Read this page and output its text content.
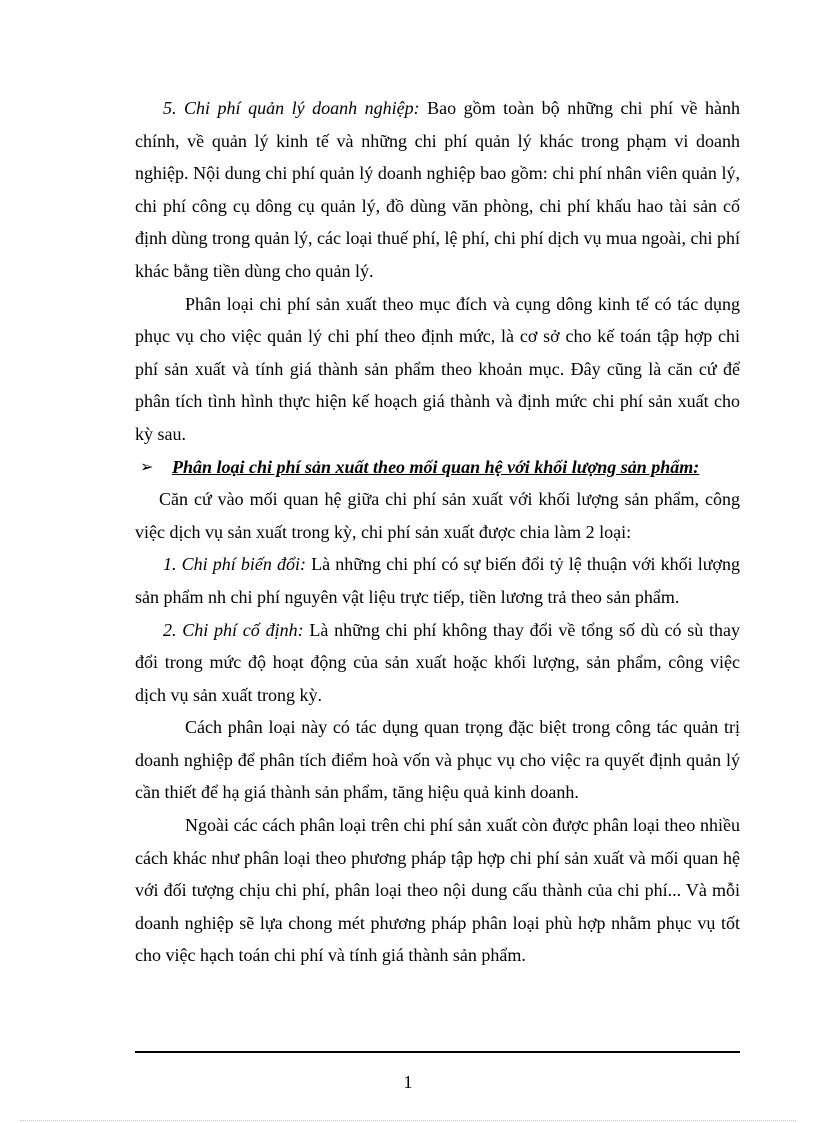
5. Chi phí quản lý doanh nghiệp: Bao gồm toàn bộ những chi phí về hành chính, về quản lý kinh tế và những chi phí quản lý khác trong phạm vi doanh nghiệp. Nội dung chi phí quản lý doanh nghiệp bao gồm: chi phí nhân viên quản lý, chi phí công cụ dông cụ quản lý, đồ dùng văn phòng, chi phí khấu hao tài sản cố định dùng trong quản lý, các loại thuế phí, lệ phí, chi phí dịch vụ mua ngoài, chi phí khác bằng tiền dùng cho quản lý.

Phân loại chi phí sản xuất theo mục đích và cụng dông kinh tế có tác dụng phục vụ cho việc quản lý chi phí theo định mức, là cơ sở cho kế toán tập hợp chi phí sản xuất và tính giá thành sản phẩm theo khoản mục. Đây cũng là căn cứ để phân tích tình hình thực hiện kế hoạch giá thành và định mức chi phí sản xuất cho kỳ sau.

➢ Phân loại chi phí sản xuất theo mối quan hệ với khối lượng sản phẩm:

Căn cứ vào mối quan hệ giữa chi phí sản xuất với khối lượng sản phẩm, công việc dịch vụ sản xuất trong kỳ, chi phí sản xuất được chia làm 2 loại:

1. Chi phí biến đổi: Là những chi phí có sự biến đổi tỷ lệ thuận với khối lượng sản phẩm nh chi phí nguyên vật liệu trực tiếp, tiền lương trả theo sản phẩm.

2. Chi phí cố định: Là những chi phí không thay đổi về tổng số dù có sù thay đổi trong mức độ hoạt động của sản xuất hoặc khối lượng, sản phẩm, công việc dịch vụ sản xuất trong kỳ.

Cách phân loại này có tác dụng quan trọng đặc biệt trong công tác quản trị doanh nghiệp để phân tích điểm hoà vốn và phục vụ cho việc ra quyết định quản lý cần thiết để hạ giá thành sản phẩm, tăng hiệu quả kinh doanh.

Ngoài các cách phân loại trên chi phí sản xuất còn được phân loại theo nhiều cách khác như phân loại theo phương pháp tập hợp chi phí sản xuất và mối quan hệ với đối tượng chịu chi phí, phân loại theo nội dung cấu thành của chi phí... Và mỗi doanh nghiệp sẽ lựa chong mét phương pháp phân loại phù hợp nhằm phục vụ tốt cho việc hạch toán chi phí và tính giá thành sản phẩm.

1
